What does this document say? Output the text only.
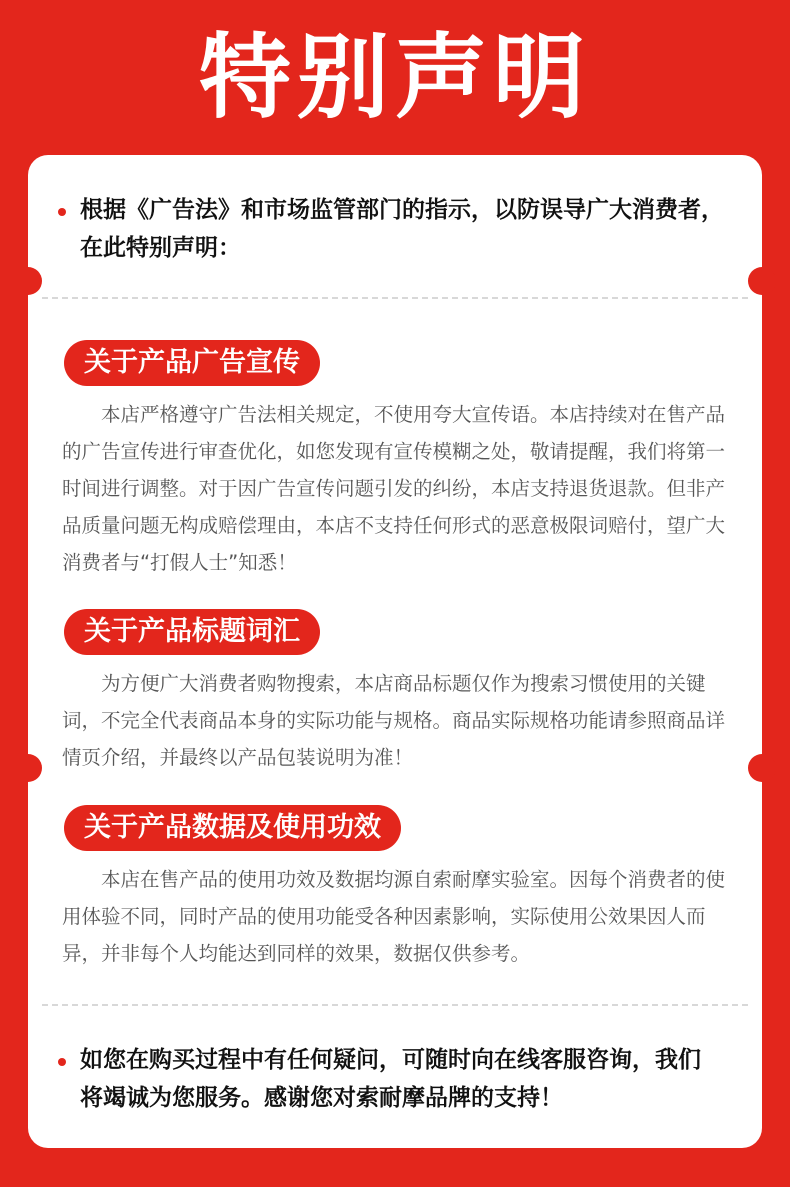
特别声明
根据《广告法》和市场监管部门的指示，以防误导广大消费者，
在此特别声明：
关于产品广告宣传

本店严格遵守广告法相关规定，不使用夸大宣传语。本店持续对在售产品的广告宣传进行审查优化，如您发现有宣传模糊之处，敬请提醒，我们将第一时间进行调整。对于因广告宣传问题引发的纠纷，本店支持退货退款。但非产品质量问题无构成赔偿理由，本店不支持任何形式的恶意极限词赔付，望广大消费者与“打假人士”知悉！

关于产品标题词汇

为方便广大消费者购物搜索，本店商品标题仅作为搜索习惯使用的关键词，不完全代表商品本身的实际功能与规格。商品实际规格功能请参照商品详情页介绍，并最终以产品包装说明为准！

关于产品数据及使用功效

本店在售产品的使用功效及数据均源自索耐摩实验室。因每个消费者的使用体验不同，同时产品的使用功能受各种因素影响，实际使用公效果因人而异，并非每个人均能达到同样的效果，数据仅供参考。

如您在购买过程中有任何疑问，可随时向在线客服咨询，我们
将竭诚为您服务。感谢您对索耐摩品牌的支持！
